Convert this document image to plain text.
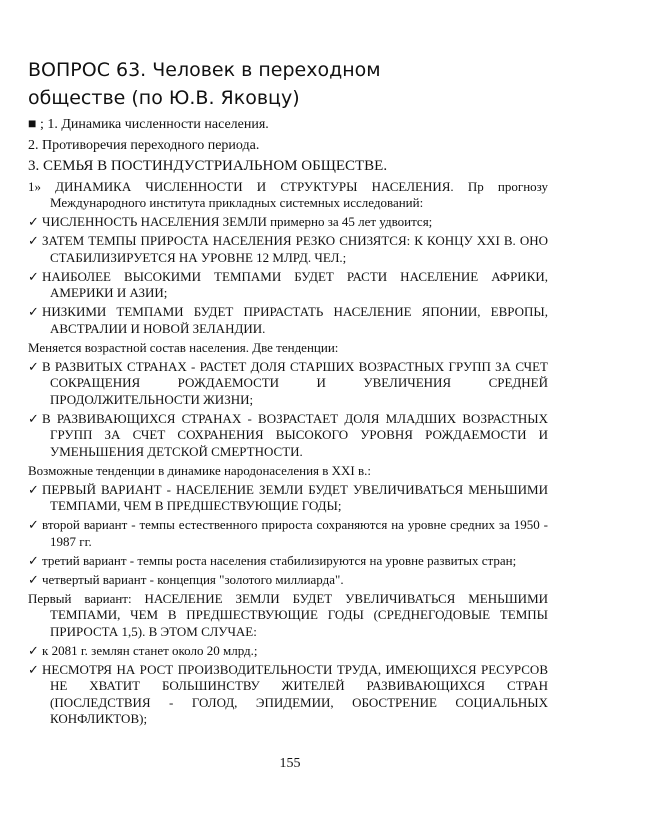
ВОПРОС 63. Человек в переходном
обществе (по Ю.В. Яковцу)

■ ; 1. Динамика численности населения.

2. Противоречия переходного периода.

3. СЕМЬЯ В ПОСТИНДУСТРИАЛЬНОМ ОБЩЕСТВЕ.

1» ДИНАМИКА ЧИСЛЕННОСТИ И СТРУКТУРЫ НАСЕЛЕНИЯ. Пр прогнозу Международного института прикладных системных исследований:

✓ ЧИСЛЕННОСТЬ НАСЕЛЕНИЯ ЗЕМЛИ примерно за 45 лет удвоится;

✓ ЗАТЕМ ТЕМПЫ ПРИРОСТА НАСЕЛЕНИЯ РЕЗКО СНИЗЯТСЯ: К КОНЦУ XXI В. ОНО СТАБИЛИЗИРУЕТСЯ НА УРОВНЕ 12 МЛРД. ЧЕЛ.;

✓ НАИБОЛЕЕ ВЫСОКИМИ ТЕМПАМИ БУДЕТ РАСТИ НАСЕЛЕНИЕ АФРИКИ, АМЕРИКИ И АЗИИ;

✓ НИЗКИМИ ТЕМПАМИ БУДЕТ ПРИРАСТАТЬ НАСЕЛЕНИЕ ЯПОНИИ, ЕВРОПЫ, АВСТРАЛИИ И НОВОЙ ЗЕЛАНДИИ.

Меняется возрастной состав населения. Две тенденции:

✓ В РАЗВИТЫХ СТРАНАХ - РАСТЕТ ДОЛЯ СТАРШИХ ВОЗРАСТНЫХ ГРУПП ЗА СЧЕТ СОКРАЩЕНИЯ РОЖДАЕМОСТИ И УВЕЛИЧЕНИЯ СРЕДНЕЙ ПРОДОЛЖИТЕЛЬНОСТИ ЖИЗНИ;

✓ В РАЗВИВАЮЩИХСЯ СТРАНАХ - ВОЗРАСТАЕТ ДОЛЯ МЛАДШИХ ВОЗРАСТНЫХ ГРУПП ЗА СЧЕТ СОХРАНЕНИЯ ВЫСОКОГО УРОВНЯ РОЖДАЕМОСТИ И УМЕНЬШЕНИЯ ДЕТСКОЙ СМЕРТНОСТИ.

Возможные тенденции в динамике народонаселения в XXI в.:

✓ ПЕРВЫЙ ВАРИАНТ - НАСЕЛЕНИЕ ЗЕМЛИ БУДЕТ УВЕЛИЧИВАТЬСЯ МЕНЬШИМИ ТЕМПАМИ, ЧЕМ В ПРЕДШЕСТВУЮЩИЕ ГОДЫ;

✓ второй вариант - темпы естественного прироста сохраняются на уровне средних за 1950 - 1987 гг.

✓ третий вариант - темпы роста населения стабилизируются на уровне развитых стран;

✓ четвертый вариант - концепция "золотого миллиарда".

Первый вариант: НАСЕЛЕНИЕ ЗЕМЛИ БУДЕТ УВЕЛИЧИВАТЬСЯ МЕНЬШИМИ ТЕМПАМИ, ЧЕМ В ПРЕДШЕСТВУЮЩИЕ ГОДЫ (СРЕДНЕГОДОВЫЕ ТЕМПЫ ПРИРОСТА 1,5). В ЭТОМ СЛУЧАЕ:

✓ к 2081 г. землян станет около 20 млрд.;

✓ НЕСМОТРЯ НА РОСТ ПРОИЗВОДИТЕЛЬНОСТИ ТРУДА, ИМЕЮЩИХСЯ РЕСУРСОВ НЕ ХВАТИТ БОЛЬШИНСТВУ ЖИТЕЛЕЙ РАЗВИВАЮЩИХСЯ СТРАН (ПОСЛЕДСТВИЯ - ГОЛОД, ЭПИДЕМИИ, ОБОСТРЕНИЕ СОЦИАЛЬНЫХ КОНФЛИКТОВ);

155
